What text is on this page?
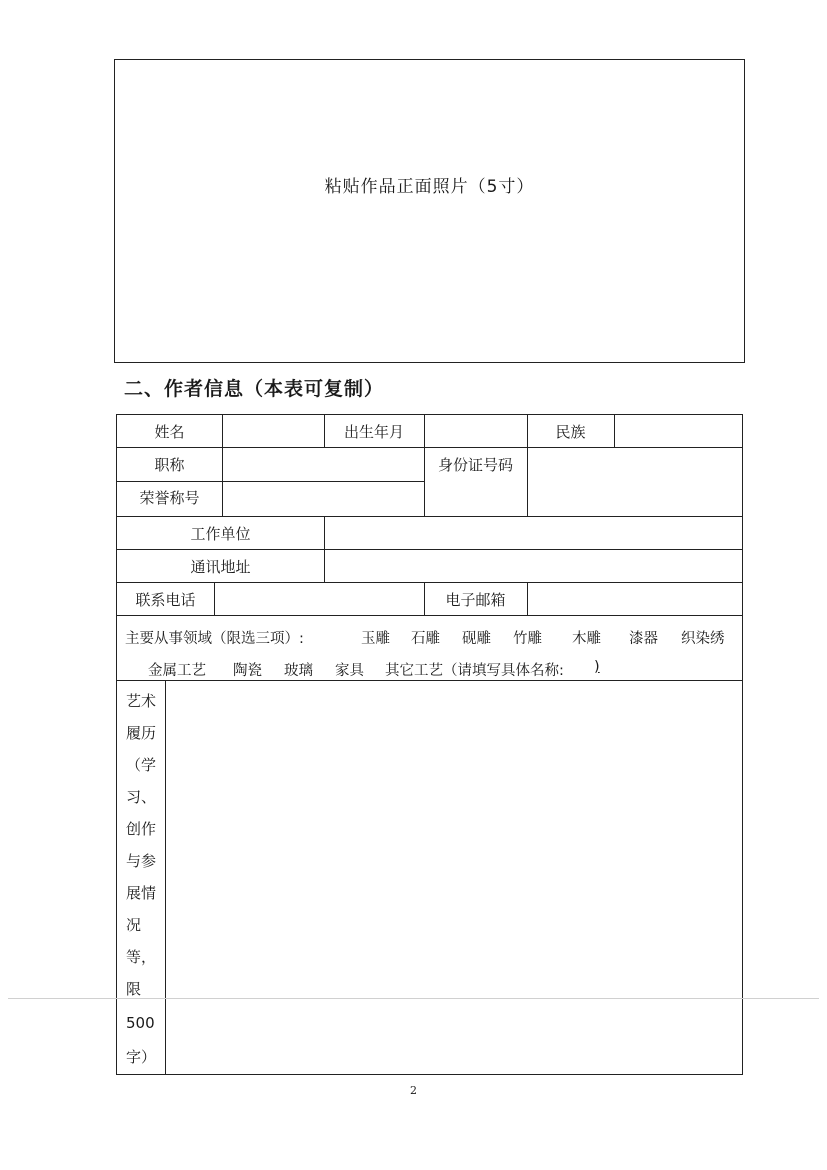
粘贴作品正面照片（5寸）
二、作者信息（本表可复制）
姓名	出生年月	民族
职称	身份证号码
荣誉称号
工作单位
通讯地址
联系电话	电子邮箱
主要从事领域（限选三项）:	玉雕 石雕 砚雕 竹雕 木雕 漆器 织染绣
金属工艺 陶瓷 玻璃 家具 其它工艺（请填写具体名称: )
艺术
履历
（学
习、
创作
与参
展情
况
等，
限
500
字）
2
